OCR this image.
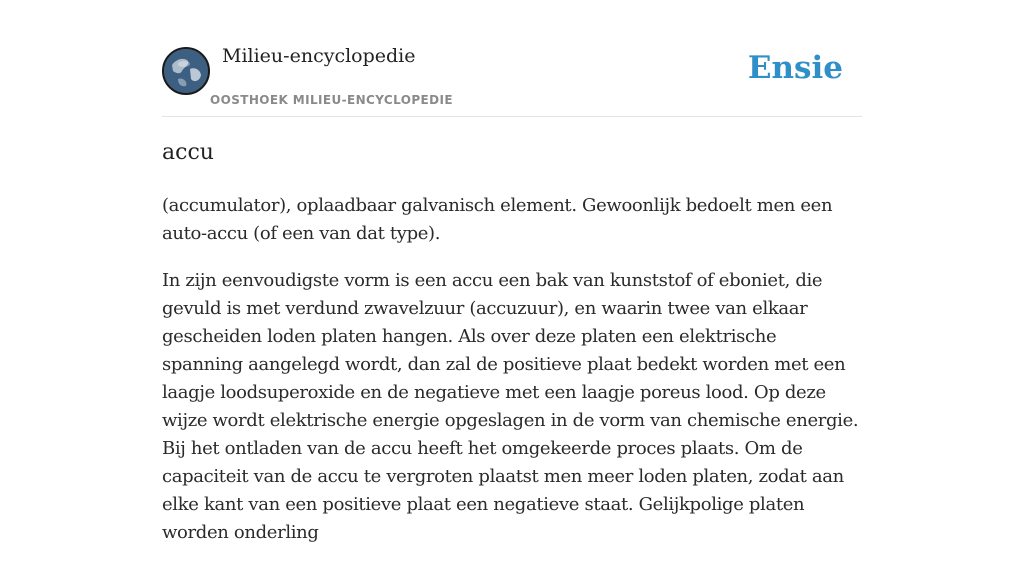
Milieu-encyclopedie
OOSTHOEK MILIEU-ENCYCLOPEDIE
Ensie
accu

(accumulator), oplaadbaar galvanisch element. Gewoonlijk bedoelt men een auto-accu (of een van dat type).

In zijn eenvoudigste vorm is een accu een bak van kunststof of eboniet, die gevuld is met verdund zwavelzuur (accuzuur), en waarin twee van elkaar gescheiden loden platen hangen. Als over deze platen een elektrische spanning aangelegd wordt, dan zal de positieve plaat bedekt worden met een laagje loodsuperoxide en de negatieve met een laagje poreus lood. Op deze wijze wordt elektrische energie opgeslagen in de vorm van chemische energie. Bij het ontladen van de accu heeft het omgekeerde proces plaats. Om de capaciteit van de accu te vergroten plaatst men meer loden platen, zodat aan elke kant van een positieve plaat een negatieve staat. Gelijkpolige platen worden onderling
